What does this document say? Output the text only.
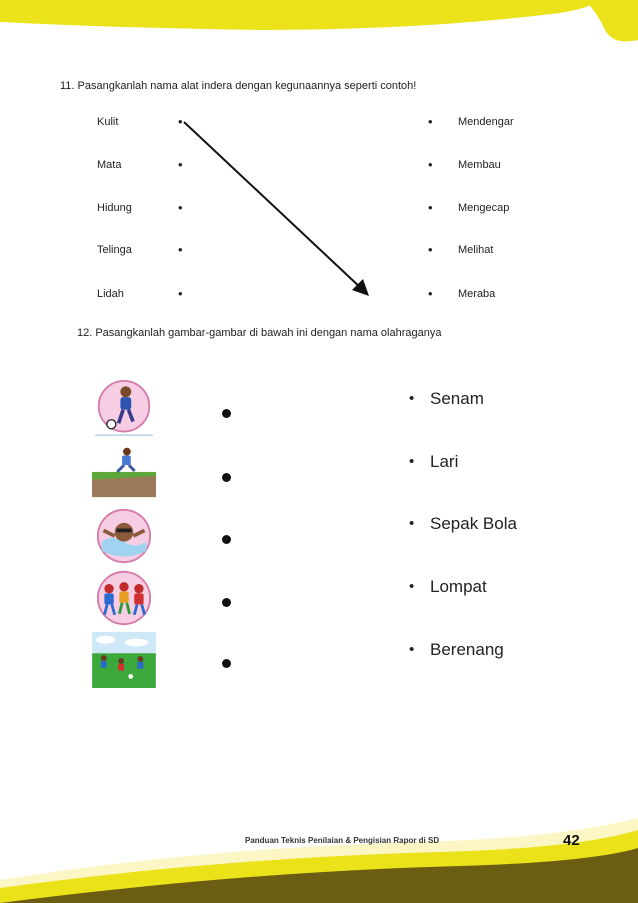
11. Pasangkanlah nama alat indera dengan kegunaannya seperti contoh!
Kulit
Mata
Hidung
Telinga
Lidah
•
•
•
•
•
•
•
•
•
•
Mendengar
Membau
Mengecap
Melihat
Meraba
12. Pasangkanlah gambar-gambar di bawah ini dengan nama olahraganya
• Senam
• Lari
• Sepak Bola
• Lompat
• Berenang
Panduan Teknis Penilaian & Pengisian Rapor di SD	42
